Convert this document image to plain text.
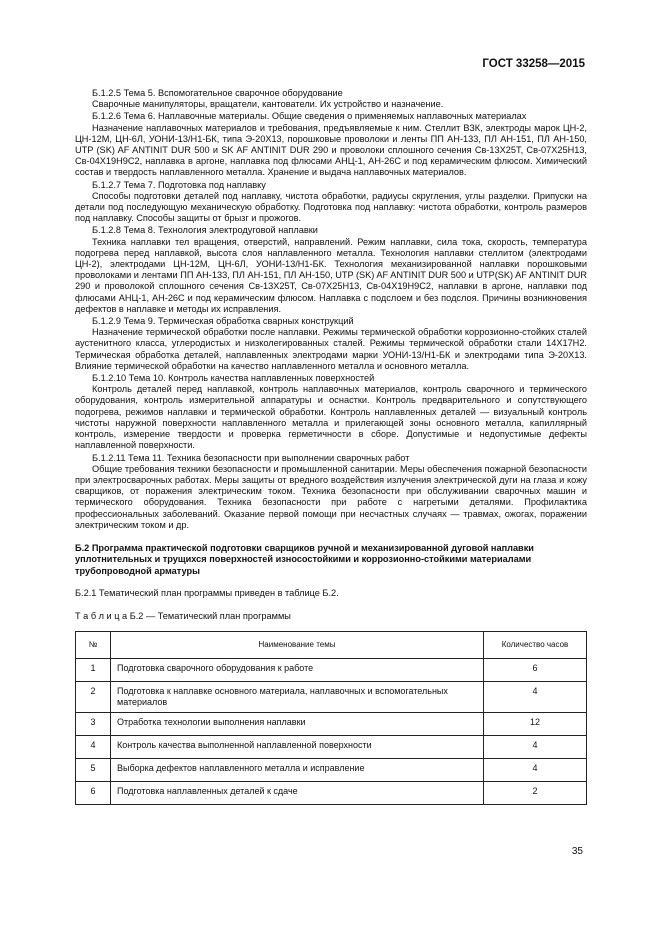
ГОСТ 33258—2015

Б.1.2.5 Тема 5. Вспомогательное сварочное оборудование

Сварочные манипуляторы, вращатели, кантователи. Их устройство и назначение.

Б.1.2.6 Тема 6. Наплавочные материалы. Общие сведения о применяемых наплавочных материалах

Назначение наплавочных материалов и требования, предъявляемые к ним. Стеллит ВЗК, электроды марок ЦН-2, ЦН-12М, ЦН-6Л, УОНИ-13/Н1-БК, типа Э-20Х13, порошковые проволоки и ленты ПП АН-133, ПЛ АН-151, ПЛ АН-150, UTP (SK) AF ANTINIT DUR 500 и SK AF ANTINIT DUR 290 и проволоки сплошного сечения Св-13Х25Т, Св-07Х25Н13, Св-04Х19Н9С2, наплавка в аргоне, наплавка под флюсами АНЦ-1, АН-26С и под керамическим флюсом. Химический состав и твердость наплавленного металла. Хранение и выдача наплавочных материалов.

Б.1.2.7 Тема 7. Подготовка под наплавку

Способы подготовки деталей под наплавку, чистота обработки, радиусы скругления, углы разделки. Припуски на детали под последующую механическую обработку. Подготовка под наплавку: чистота обработки, контроль размеров под наплавку. Способы защиты от брызг и прожогов.

Б.1.2.8 Тема 8. Технология электродуговой наплавки

Техника наплавки тел вращения, отверстий, направлений. Режим наплавки, сила тока, скорость, температура подогрева перед наплавкой, высота слоя наплавленного металла. Технология наплавки стеллитом (электродами ЦН-2), электродами ЦН-12М, ЦН-6Л, УОНИ-13/Н1-БК. Технология механизированной наплавки порошковыми проволоками и лентами ПП АН-133, ПЛ АН-151, ПЛ АН-150, UTP (SK) AF ANTINIT DUR 500 и UTP(SK) AF ANTINIT DUR 290 и проволокой сплошного сечения Св-13Х25Т, Св-07Х25Н13, Св-04Х19Н9С2, наплавки в аргоне, наплавки под флюсами АНЦ-1, АН-26С и под керамическим флюсом. Наплавка с подслоем и без подслоя. Причины возникновения дефектов в наплавке и методы их исправления.

Б.1.2.9 Тема 9. Термическая обработка сварных конструкций

Назначение термической обработки после наплавки. Режимы термической обработки коррозионно-стойких сталей аустенитного класса, углеродистых и низколегированных сталей. Режимы термической обработки стали 14Х17Н2. Термическая обработка деталей, наплавленных электродами марки УОНИ-13/Н1-БК и электродами типа Э-20Х13. Влияние термической обработки на качество наплавленного металла и основного металла.

Б.1.2.10 Тема 10. Контроль качества наплавленных поверхностей

Контроль деталей перед наплавкой, контроль наплавочных материалов, контроль сварочного и термического оборудования, контроль измерительной аппаратуры и оснастки. Контроль предварительного и сопутствующего подогрева, режимов наплавки и термической обработки. Контроль наплавленных деталей — визуальный контроль чистоты наружной поверхности наплавленного металла и прилегающей зоны основного металла, капиллярный контроль, измерение твердости и проверка герметичности в сборе. Допустимые и недопустимые дефекты наплавленной поверхности.

Б.1.2.11 Тема 11. Техника безопасности при выполнении сварочных работ

Общие требования техники безопасности и промышленной санитарии. Меры обеспечения пожарной безопасности при электросварочных работах. Меры защиты от вредного воздействия излучения электрической дуги на глаза и кожу сварщиков, от поражения электрическим током. Техника безопасности при обслуживании сварочных машин и термического оборудования. Техника безопасности при работе с нагретыми деталями. Профилактика профессиональных заболеваний. Оказание первой помощи при несчастных случаях — травмах, ожогах, поражении электрическим током и др.

Б.2 Программа практической подготовки сварщиков ручной и механизированной дуговой наплавки уплотнительных и трущихся поверхностей износостойкими и коррозионно-стойкими материалами трубопроводной арматуры

Б.2.1 Тематический план программы приведен в таблице Б.2.

Т а б л и ц а Б.2 — Тематический план программы

№	Наименование темы	Количество часов
1	Подготовка сварочного оборудования к работе	6
2	Подготовка к наплавке основного материала, наплавочных и вспомогательных материалов	4
3	Отработка технологии выполнения наплавки	12
4	Контроль качества выполненной наплавленной поверхности	4
5	Выборка дефектов наплавленного металла и исправление	4
6	Подготовка наплавленных деталей к сдаче	2
35
